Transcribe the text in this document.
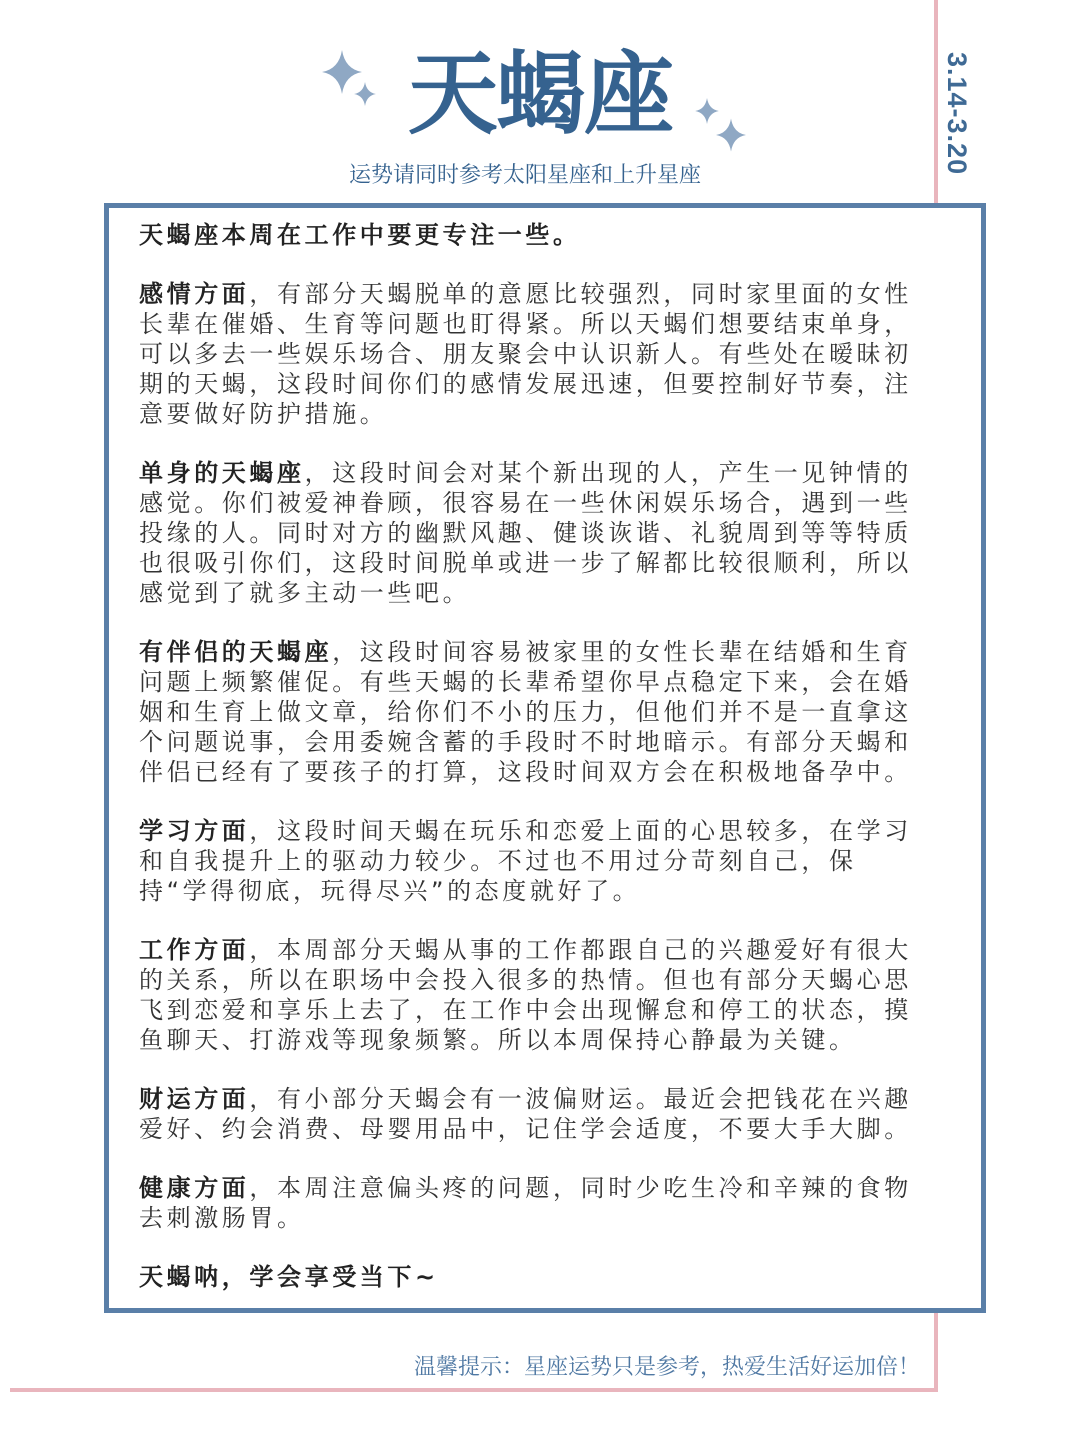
3.14-3.20
天蝎座
运势请同时参考太阳星座和上升星座

天蝎座本周在工作中要更专注一些。

感情方面，有部分天蝎脱单的意愿比较强烈，同时家里面的女性长辈在催婚、生育等问题也盯得紧。所以天蝎们想要结束单身，可以多去一些娱乐场合、朋友聚会中认识新人。有些处在暧昧初期的天蝎，这段时间你们的感情发展迅速，但要控制好节奏，注意要做好防护措施。

单身的天蝎座，这段时间会对某个新出现的人，产生一见钟情的感觉。你们被爱神眷顾，很容易在一些休闲娱乐场合，遇到一些投缘的人。同时对方的幽默风趣、健谈诙谐、礼貌周到等等特质也很吸引你们，这段时间脱单或进一步了解都比较很顺利，所以感觉到了就多主动一些吧。

有伴侣的天蝎座，这段时间容易被家里的女性长辈在结婚和生育问题上频繁催促。有些天蝎的长辈希望你早点稳定下来，会在婚姻和生育上做文章，给你们不小的压力，但他们并不是一直拿这个问题说事，会用委婉含蓄的手段时不时地暗示。有部分天蝎和伴侣已经有了要孩子的打算，这段时间双方会在积极地备孕中。

学习方面，这段时间天蝎在玩乐和恋爱上面的心思较多，在学习和自我提升上的驱动力较少。不过也不用过分苛刻自己，保持“学得彻底，玩得尽兴”的态度就好了。

工作方面，本周部分天蝎从事的工作都跟自己的兴趣爱好有很大的关系，所以在职场中会投入很多的热情。但也有部分天蝎心思飞到恋爱和享乐上去了，在工作中会出现懈怠和停工的状态，摸鱼聊天、打游戏等现象频繁。所以本周保持心静最为关键。

财运方面，有小部分天蝎会有一波偏财运。最近会把钱花在兴趣爱好、约会消费、母婴用品中，记住学会适度，不要大手大脚。

健康方面，本周注意偏头疼的问题，同时少吃生冷和辛辣的食物去刺激肠胃。

天蝎呐，学会享受当下~

温馨提示：星座运势只是参考，热爱生活好运加倍！
